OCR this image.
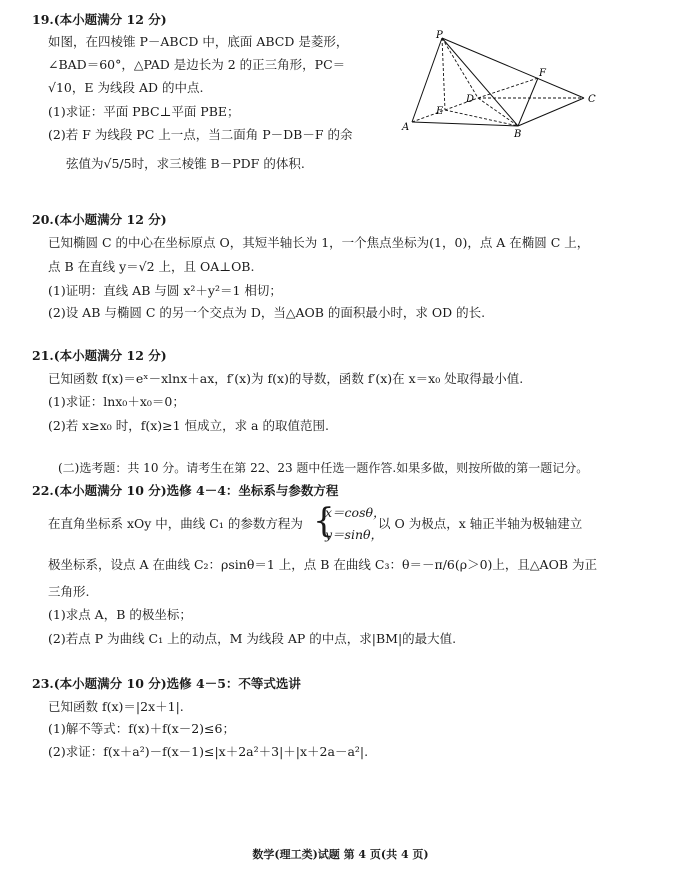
19.(本小题满分 12 分)
如图，在四棱锥 P－ABCD 中，底面 ABCD 是菱形，
∠BAD＝60°，△PAD 是边长为 2 的正三角形，PC＝
√10，E 为线段 AD 的中点.
(1)求证：平面 PBC⊥平面 PBE；
(2)若 F 为线段 PC 上一点，当二面角 P－DB－F 的余
弦值为√5/5时，求三棱锥 B－PDF 的体积.
P
F
D	C
E
A
B
20.(本小题满分 12 分)
已知椭圆 C 的中心在坐标原点 O，其短半轴长为 1，一个焦点坐标为(1，0)，点 A 在椭圆 C 上，
点 B 在直线 y＝√2 上，且 OA⊥OB.
(1)证明：直线 AB 与圆 x²＋y²＝1 相切；
(2)设 AB 与椭圆 C 的另一个交点为 D，当△AOB 的面积最小时，求 OD 的长.
21.(本小题满分 12 分)
已知函数 f(x)＝eˣ－xlnx＋ax，f′(x)为 f(x)的导数，函数 f′(x)在 x＝x₀ 处取得最小值.
(1)求证：lnx₀＋x₀＝0；
(2)若 x≥x₀ 时，f(x)≥1 恒成立，求 a 的取值范围.
(二)选考题：共 10 分。请考生在第 22、23 题中任选一题作答.如果多做，则按所做的第一题记分。
22.(本小题满分 10 分)选修 4－4：坐标系与参数方程
在直角坐标系 xOy 中，曲线 C₁ 的参数方程为 {
x＝cosθ，
y＝sinθ，
以 O 为极点，x 轴正半轴为极轴建立
极坐标系，设点 A 在曲线 C₂：ρsinθ＝1 上，点 B 在曲线 C₃：θ＝－π/6(ρ＞0)上，且△AOB 为正
三角形.
(1)求点 A，B 的极坐标；
(2)若点 P 为曲线 C₁ 上的动点，M 为线段 AP 的中点，求|BM|的最大值.
23.(本小题满分 10 分)选修 4－5：不等式选讲
已知函数 f(x)＝|2x＋1|.
(1)解不等式：f(x)＋f(x－2)≤6；
(2)求证：f(x＋a²)－f(x－1)≤|x＋2a²＋3|＋|x＋2a－a²|.
数学(理工类)试题 第 4 页(共 4 页)
